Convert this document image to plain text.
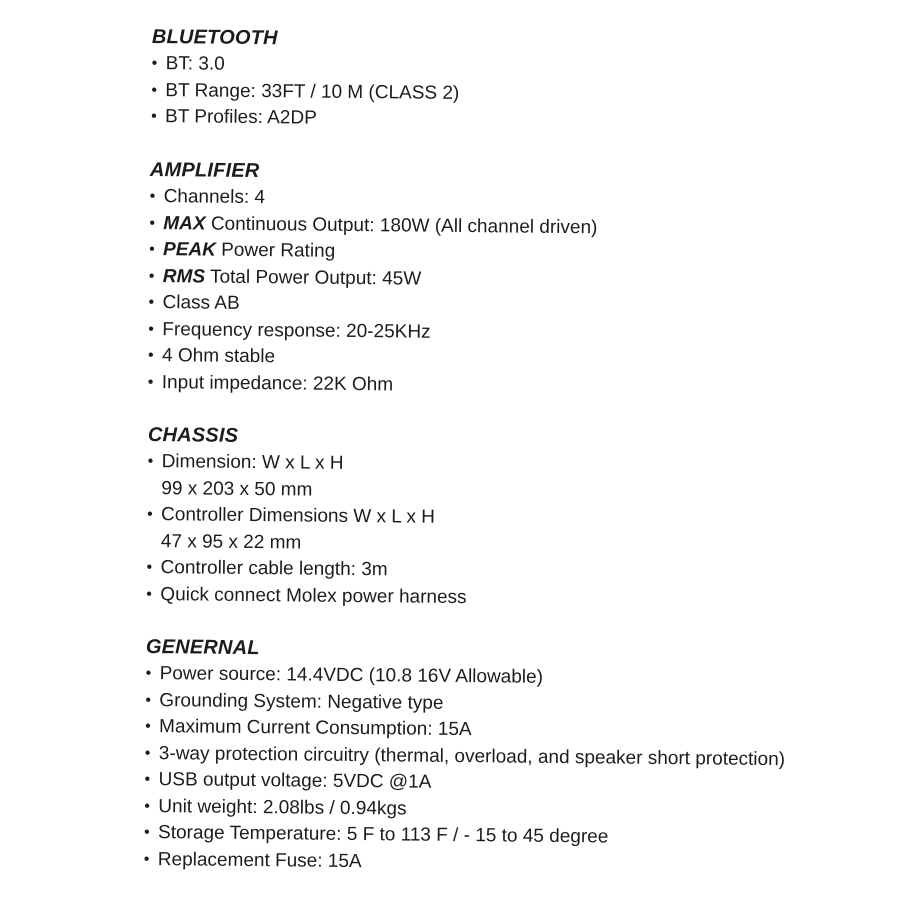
BLUETOOTH
• BT: 3.0
• BT Range: 33FT / 10 M (CLASS 2)
• BT Profiles: A2DP
AMPLIFIER
• Channels: 4
• MAX Continuous Output: 180W (All channel driven)
• PEAK Power Rating
• RMS Total Power Output: 45W
• Class AB
• Frequency response: 20-25KHz
• 4 Ohm stable
• Input impedance: 22K Ohm
CHASSIS
• Dimension: W x L x H
99 x 203 x 50 mm
• Controller Dimensions W x L x H
47 x 95 x 22 mm
• Controller cable length: 3m
• Quick connect Molex power harness
GENERNAL
• Power source: 14.4VDC (10.8 16V Allowable)
• Grounding System: Negative type
• Maximum Current Consumption: 15A
• 3-way protection circuitry (thermal, overload, and speaker short protection)
• USB output voltage: 5VDC @1A
• Unit weight: 2.08lbs / 0.94kgs
• Storage Temperature: 5 F to 113 F / - 15 to 45 degree
• Replacement Fuse: 15A
